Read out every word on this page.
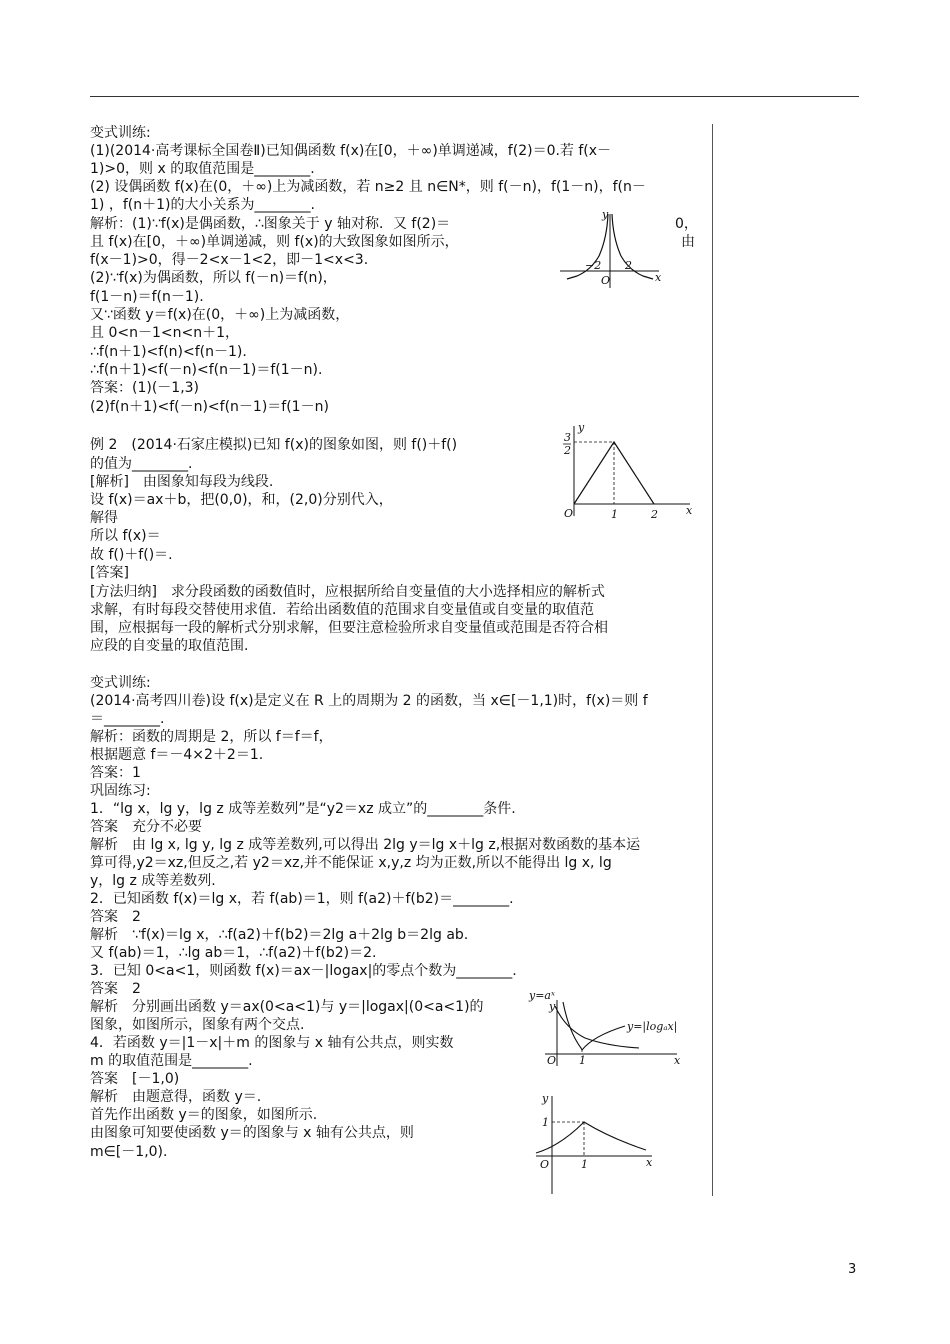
变式训练:
(1)(2014·高考课标全国卷Ⅱ)已知偶函数 f(x)在[0，＋∞)单调递减，f(2)＝0.若 f(x－
1)>0，则 x 的取值范围是________.
(2) 设偶函数 f(x)在(0，＋∞)上为减函数，若 n≥2 且 n∈N*，则 f(－n)，f(1－n)，f(n－
1) ，f(n＋1)的大小关系为________.
解析：(1)∵f(x)是偶函数，∴图象关于 y 轴对称．又 f(2)＝
且 f(x)在[0，＋∞)单调递减，则 f(x)的大致图象如图所示，
f(x－1)>0，得－2<x－1<2，即－1<x<3.
(2)∵f(x)为偶函数，所以 f(－n)＝f(n)，
f(1－n)＝f(n－1).
又∵函数 y＝f(x)在(0，＋∞)上为减函数，
且 0<n－1<n<n＋1，
∴f(n＋1)<f(n)<f(n－1).
∴f(n＋1)<f(－n)<f(n－1)＝f(1－n).
答案：(1)(－1,3)
(2)f(n＋1)<f(－n)<f(n－1)＝f(1－n)
例 2　(2014·石家庄模拟)已知 f(x)的图象如图，则 f()＋f()
的值为________.
[解析]　由图象知每段为线段.
设 f(x)＝ax＋b，把(0,0)，和，(2,0)分别代入，
解得
所以 f(x)＝
故 f()＋f()＝.
[答案]
[方法归纳]　求分段函数的函数值时，应根据所给自变量值的大小选择相应的解析式
求解，有时每段交替使用求值．若给出函数值的范围求自变量值或自变量的取值范
围，应根据每一段的解析式分别求解，但要注意检验所求自变量值或范围是否符合相
应段的自变量的取值范围.
变式训练:
(2014·高考四川卷)设 f(x)是定义在 R 上的周期为 2 的函数，当 x∈[－1,1)时，f(x)＝则 f
＝________.
解析：函数的周期是 2，所以 f＝f＝f，
根据题意 f＝－4×2＋2＝1.
答案：1
巩固练习:
1．“lg x，lg y，lg z 成等差数列”是“y2＝xz 成立”的________条件.
答案　充分不必要
解析　由 lg x, lg y, lg z 成等差数列,可以得出 2lg y＝lg x＋lg z,根据对数函数的基本运
算可得,y2＝xz,但反之,若 y2＝xz,并不能保证 x,y,z 均为正数,所以不能得出 lg x, lg
y，lg z 成等差数列.
2．已知函数 f(x)＝lg x，若 f(ab)＝1，则 f(a2)＋f(b2)＝________.
答案　2
解析　∵f(x)＝lg x，∴f(a2)＋f(b2)＝2lg a＋2lg b＝2lg ab.
又 f(ab)＝1，∴lg ab＝1，∴f(a2)＋f(b2)＝2.
3．已知 0<a<1，则函数 f(x)＝ax－|logax|的零点个数为________.
答案　2
解析　分别画出函数 y＝ax(0<a<1)与 y＝|logax|(0<a<1)的
图象，如图所示，图象有两个交点.
4．若函数 y＝|1－x|＋m 的图象与 x 轴有公共点，则实数
m 的取值范围是________.
答案　[－1,0)
解析　由题意得，函数 y＝.
首先作出函数 y＝的图象，如图所示.
由图象可知要使函数 y＝的图象与 x 轴有公共点，则
m∈[－1,0).
0，
由
y
x
O
−2 2
y
x
O
3
2
1	2
y=aˣ
y
x
O 1
y=|logₐx|
y
x
O
1
1
3
